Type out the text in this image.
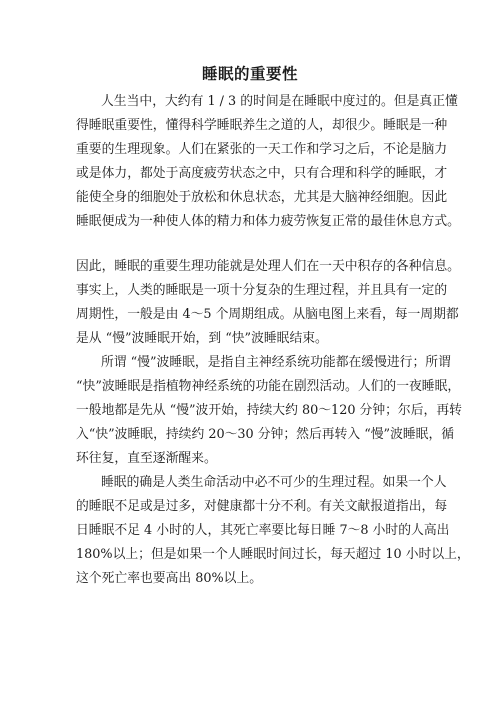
睡眠的重要性
人生当中，大约有 1 / 3 的时间是在睡眠中度过的。但是真正懂
得睡眠重要性，懂得科学睡眠养生之道的人，却很少。睡眠是一种
重要的生理现象。人们在紧张的一天工作和学习之后，不论是脑力
或是体力，都处于高度疲劳状态之中，只有合理和科学的睡眠，才
能使全身的细胞处于放松和休息状态，尤其是大脑神经细胞。因此
睡眠便成为一种使人体的精力和体力疲劳恢复正常的最佳休息方式。
因此，睡眠的重要生理功能就是处理人们在一天中积存的各种信息。
事实上，人类的睡眠是一项十分复杂的生理过程，并且具有一定的
周期性，一般是由 4～5 个周期组成。从脑电图上来看，每一周期都
是从 “慢”波睡眠开始，到 “快”波睡眠结束。
所谓 “慢”波睡眠，是指自主神经系统功能都在缓慢进行；所谓
“快”波睡眠是指植物神经系统的功能在剧烈活动。人们的一夜睡眠，
一般地都是先从 “慢”波开始，持续大约 80～120 分钟；尔后，再转
入“快”波睡眠，持续约 20～30 分钟；然后再转入 “慢”波睡眠，循
环往复，直至逐渐醒来。
睡眠的确是人类生命活动中必不可少的生理过程。如果一个人
的睡眠不足或是过多，对健康都十分不利。有关文献报道指出，每
日睡眠不足 4 小时的人，其死亡率要比每日睡 7～8 小时的人高出
180%以上；但是如果一个人睡眠时间过长，每天超过 10 小时以上，
这个死亡率也要高出 80%以上。
